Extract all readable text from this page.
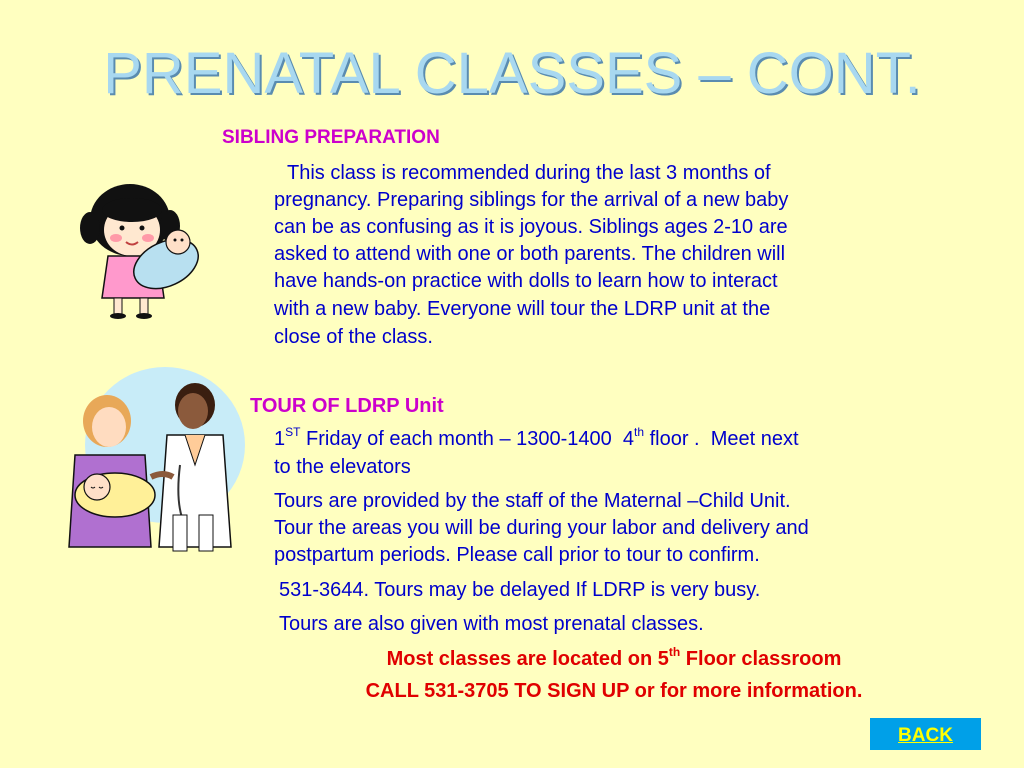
PRENATAL CLASSES – CONT.
SIBLING PREPARATION
This class is recommended during the last 3 months of
pregnancy. Preparing siblings for the arrival of a new baby
can be as confusing as it is joyous. Siblings ages 2-10 are
asked to attend with one or both parents. The children will
have hands-on practice with dolls to learn how to interact
with a new baby. Everyone will tour the LDRP unit at the
close of the class.
TOUR OF LDRP Unit
1ST Friday of each month – 1300-1400  4th floor .  Meet next
to the elevators
Tours are provided by the staff of the Maternal –Child Unit.
Tour the areas you will be during your labor and delivery and
postpartum periods. Please call prior to tour to confirm.
531-3644. Tours may be delayed If LDRP is very busy.
Tours are also given with most prenatal classes.
Most classes are located on 5th Floor classroom
CALL 531-3705 TO SIGN UP or for more information.
BACK
